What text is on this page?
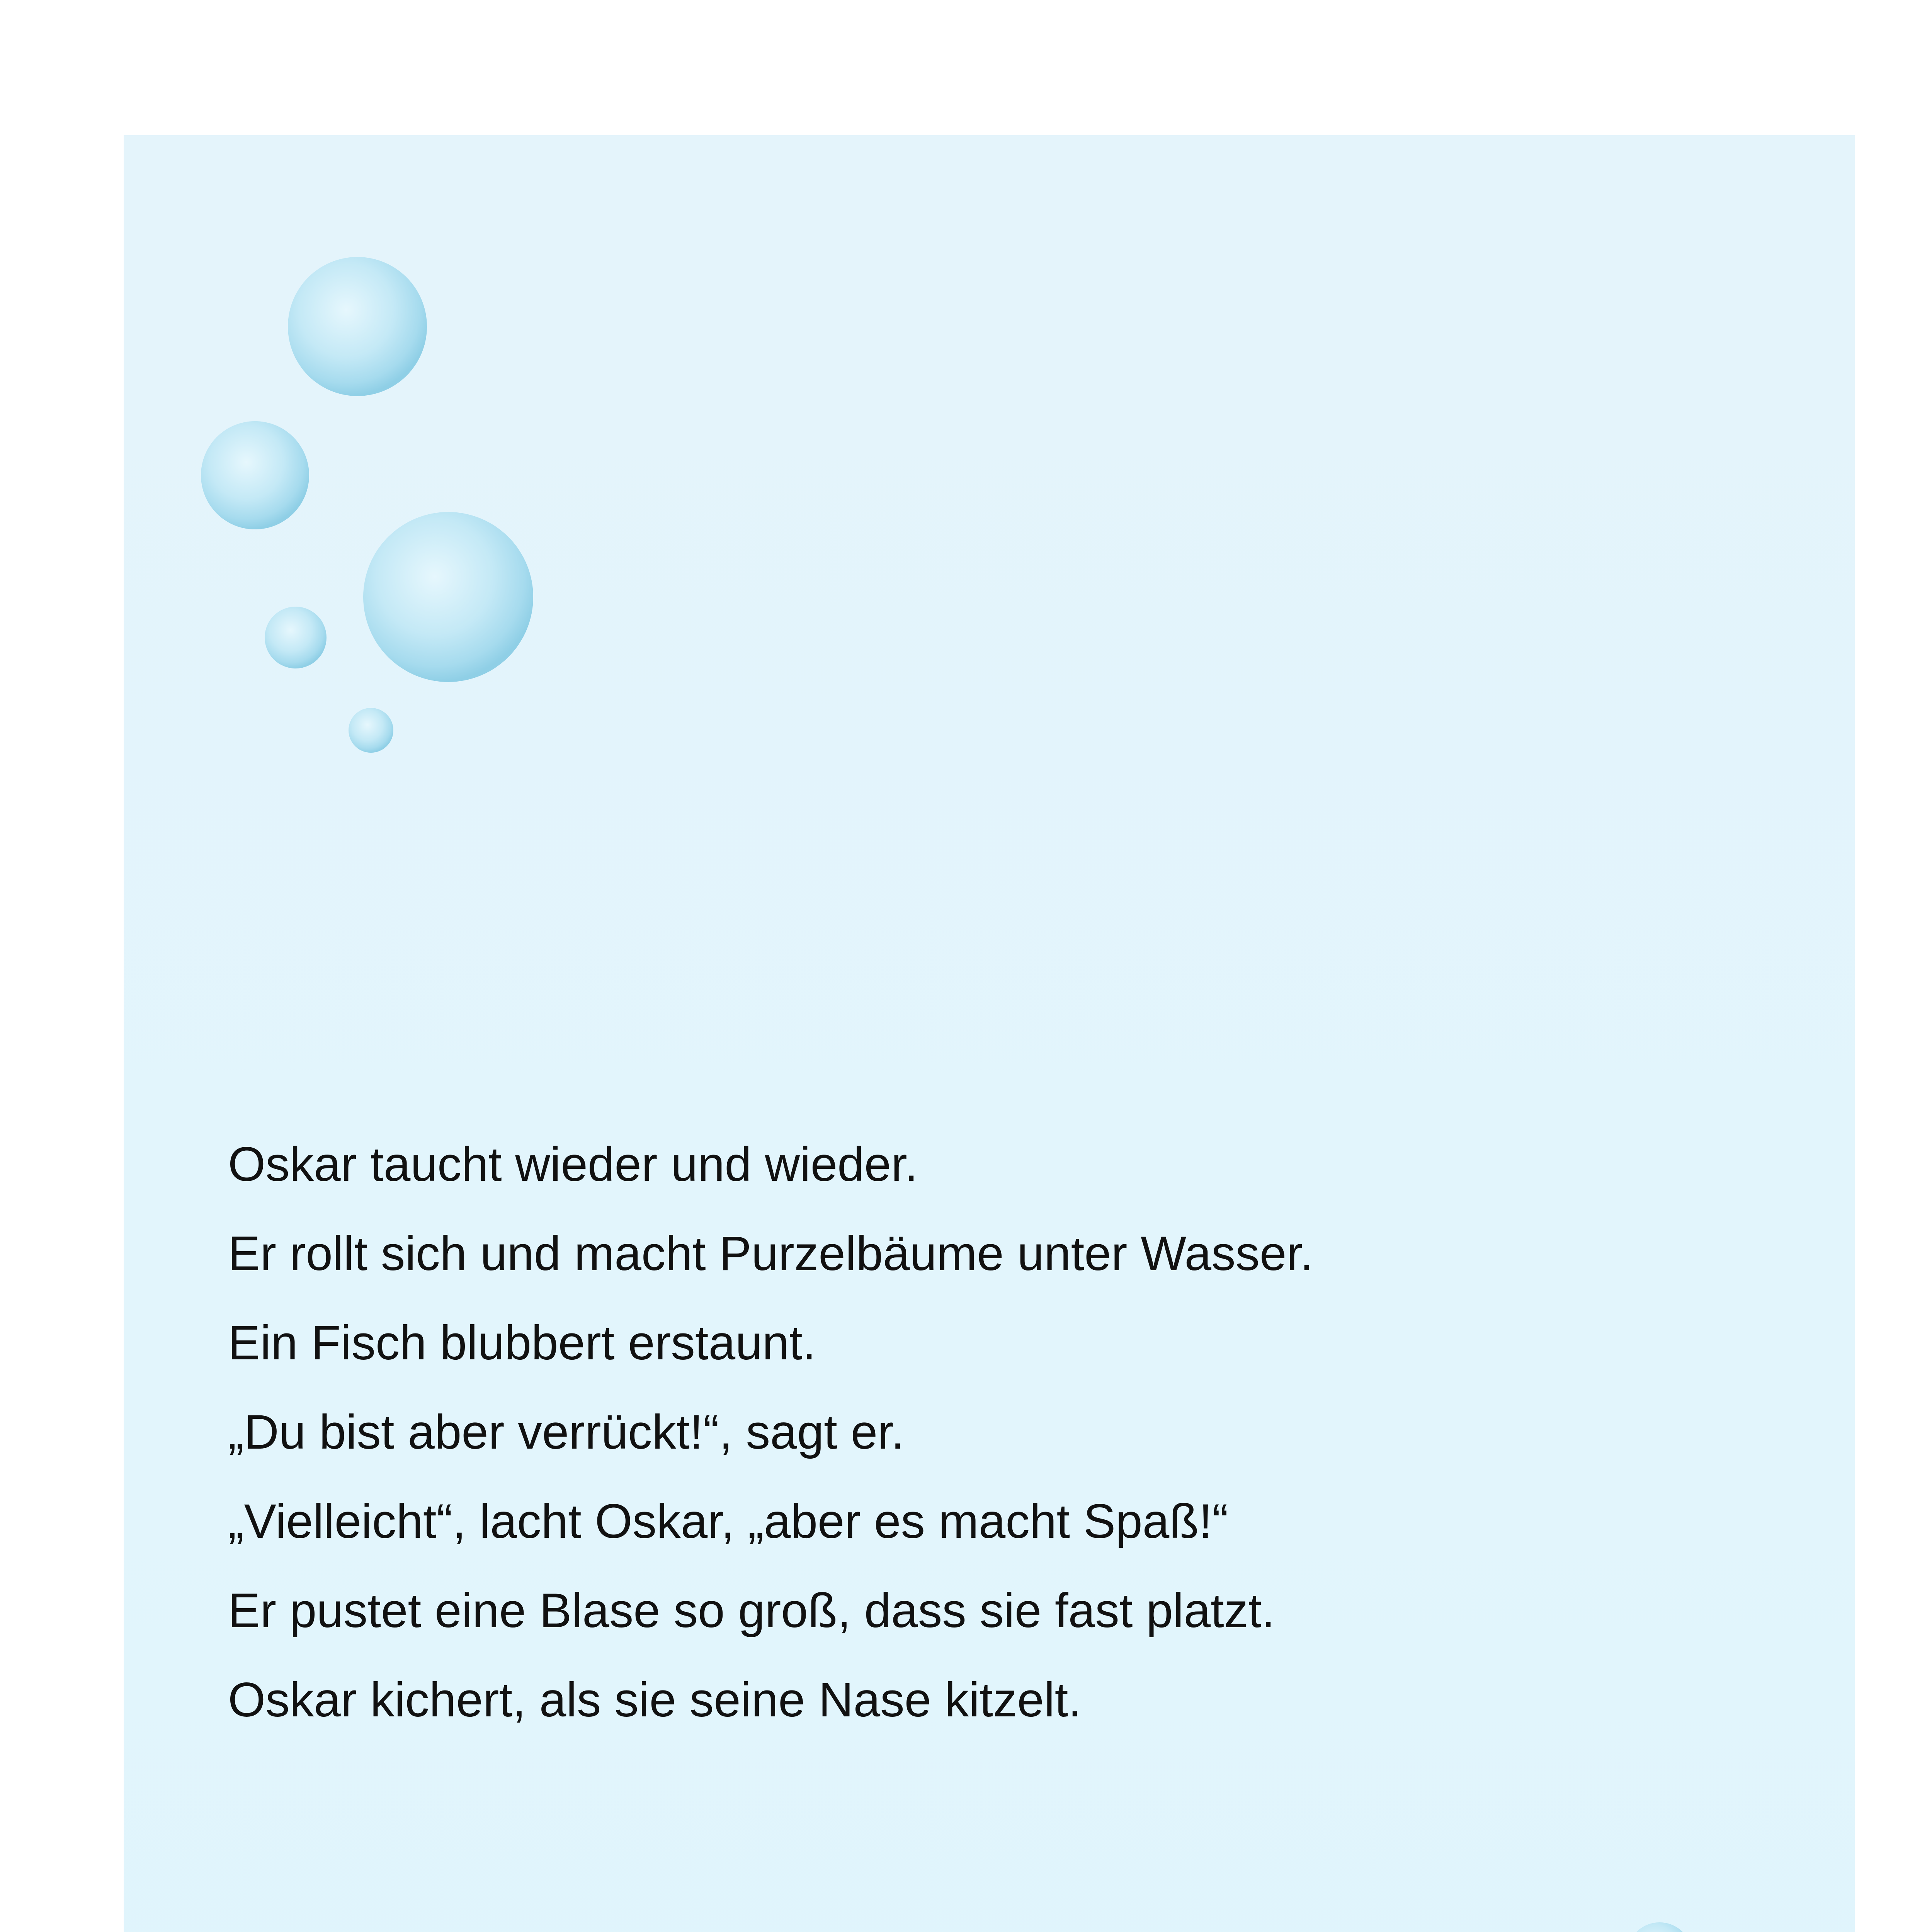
Oskar taucht wieder und wieder.
Er rollt sich und macht Purzelbäume unter Wasser.
Ein Fisch blubbert erstaunt.
„Du bist aber verrückt!“, sagt er.
„Vielleicht“, lacht Oskar, „aber es macht Spaß!“
Er pustet eine Blase so groß, dass sie fast platzt.
Oskar kichert, als sie seine Nase kitzelt.
